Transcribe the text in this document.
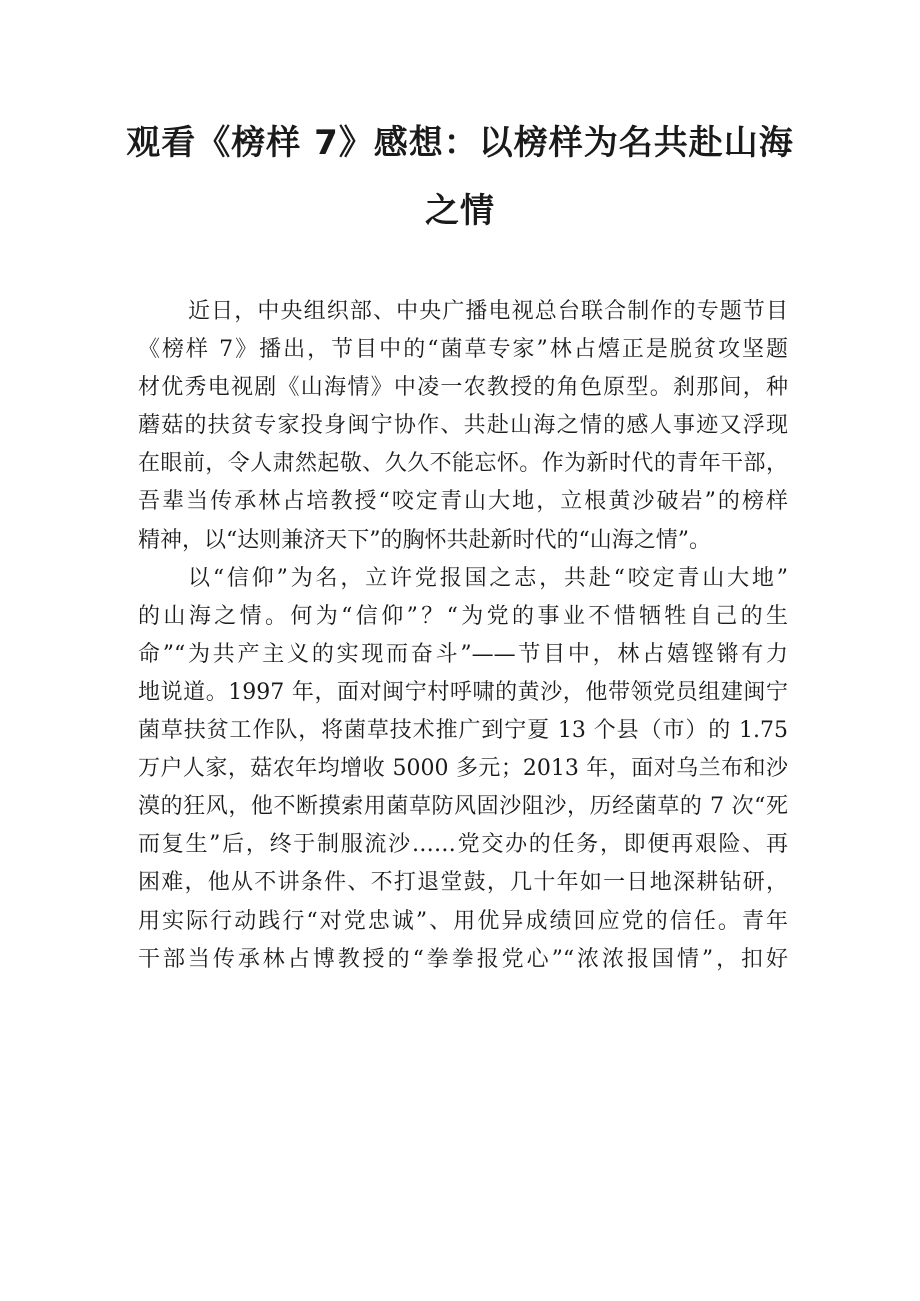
观看《榜样 7》感想：以榜样为名共赴山海
之情
近日，中央组织部、中央广播电视总台联合制作的专题节目
《榜样 7》播出，节目中的“菌草专家”林占熺正是脱贫攻坚题
材优秀电视剧《山海情》中凌一农教授的角色原型。刹那间，种
蘑菇的扶贫专家投身闽宁协作、共赴山海之情的感人事迹又浮现
在眼前，令人肃然起敬、久久不能忘怀。作为新时代的青年干部，
吾辈当传承林占培教授“咬定青山大地，立根黄沙破岩”的榜样
精神，以“达则兼济天下”的胸怀共赴新时代的“山海之情”。
以“信仰”为名，立许党报国之志，共赴“咬定青山大地”
的山海之情。何为“信仰”？“为党的事业不惜牺牲自己的生
命”“为共产主义的实现而奋斗”——节目中，林占嬉铿锵有力
地说道。1997 年，面对闽宁村呼啸的黄沙，他带领党员组建闽宁
菌草扶贫工作队，将菌草技术推广到宁夏 13 个县（市）的 1.75
万户人家，菇农年均增收 5000 多元；2013 年，面对乌兰布和沙
漠的狂风，他不断摸索用菌草防风固沙阻沙，历经菌草的 7 次“死
而复生”后，终于制服流沙……党交办的任务，即便再艰险、再
困难，他从不讲条件、不打退堂鼓，几十年如一日地深耕钻研，
用实际行动践行“对党忠诚”、用优异成绩回应党的信任。青年
干部当传承林占博教授的“拳拳报党心”“浓浓报国情”，扣好
